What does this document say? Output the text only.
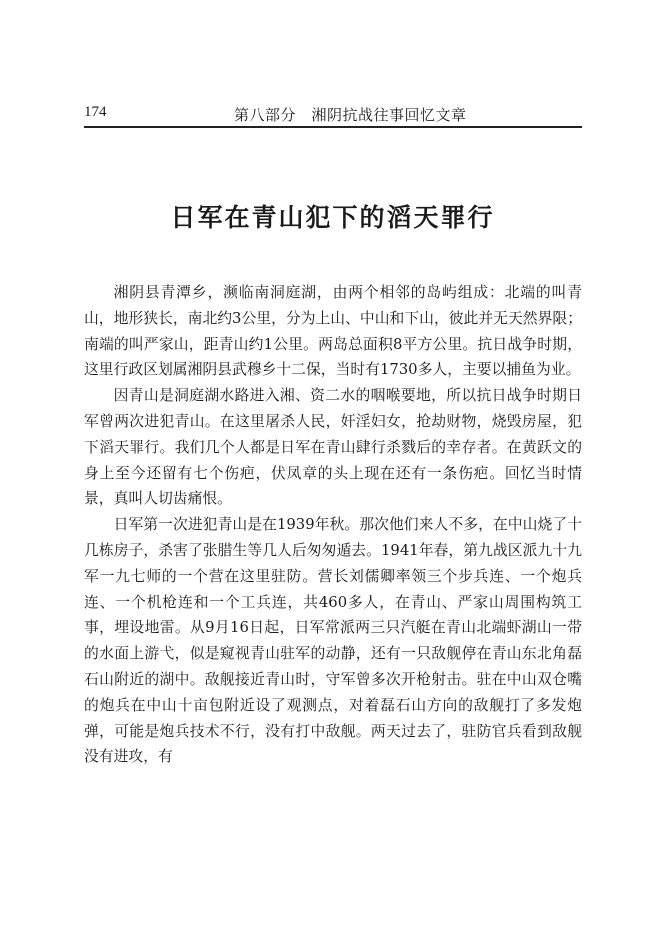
174	第八部分　湘阴抗战往事回忆文章
日军在青山犯下的滔天罪行

湘阴县青潭乡，濒临南洞庭湖，由两个相邻的岛屿组成：北端的叫青山，地形狭长，南北约3公里，分为上山、中山和下山，彼此并无天然界限；南端的叫严家山，距青山约1公里。两岛总面积8平方公里。抗日战争时期，这里行政区划属湘阴县武穆乡十二保，当时有1730多人，主要以捕鱼为业。

因青山是洞庭湖水路进入湘、资二水的咽喉要地，所以抗日战争时期日军曾两次进犯青山。在这里屠杀人民，奸淫妇女，抢劫财物，烧毁房屋，犯下滔天罪行。我们几个人都是日军在青山肆行杀戮后的幸存者。在黄跃文的身上至今还留有七个伤疤，伏凤章的头上现在还有一条伤疤。回忆当时情景，真叫人切齿痛恨。

日军第一次进犯青山是在1939年秋。那次他们来人不多，在中山烧了十几栋房子，杀害了张腊生等几人后匆匆遁去。1941年春，第九战区派九十九军一九七师的一个营在这里驻防。营长刘儒卿率领三个步兵连、一个炮兵连、一个机枪连和一个工兵连，共460多人，在青山、严家山周围构筑工事，埋设地雷。从9月16日起，日军常派两三只汽艇在青山北端虾湖山一带的水面上游弋，似是窥视青山驻军的动静，还有一只敌舰停在青山东北角磊石山附近的湖中。敌舰接近青山时，守军曾多次开枪射击。驻在中山双仓嘴的炮兵在中山十亩包附近设了观测点，对着磊石山方向的敌舰打了多发炮弹，可能是炮兵技术不行，没有打中敌舰。两天过去了，驻防官兵看到敌舰没有进攻，有
